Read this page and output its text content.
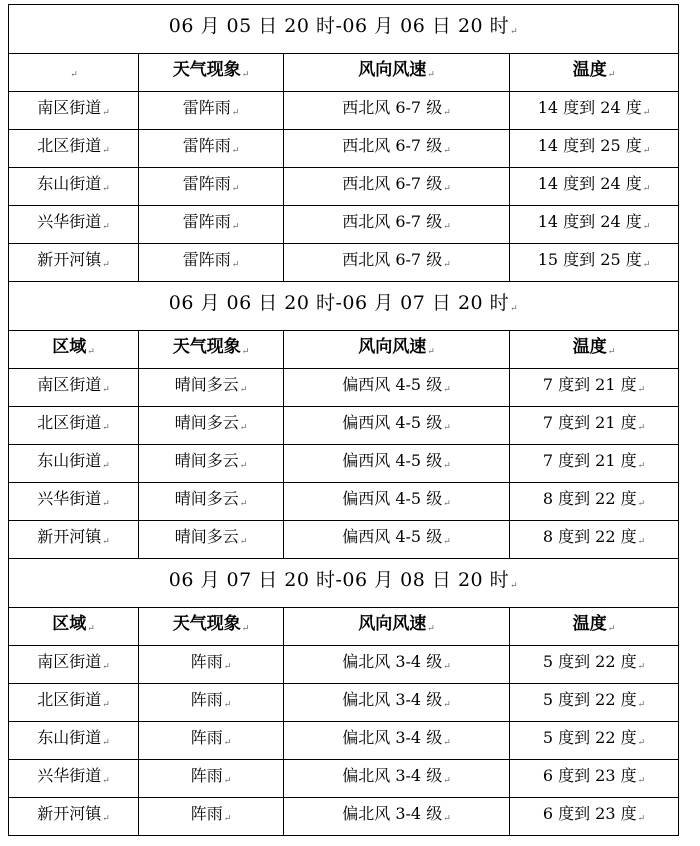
06 月 05 日 20 时-06 月 06 日 20 时↵			
↵	天气现象↵	风向风速↵	温度↵
南区街道↵	雷阵雨↵	西北风 6-7 级↵	14 度到 24 度↵
北区街道↵	雷阵雨↵	西北风 6-7 级↵	14 度到 25 度↵
东山街道↵	雷阵雨↵	西北风 6-7 级↵	14 度到 24 度↵
兴华街道↵	雷阵雨↵	西北风 6-7 级↵	14 度到 24 度↵
新开河镇↵	雷阵雨↵	西北风 6-7 级↵	15 度到 25 度↵
06 月 06 日 20 时-06 月 07 日 20 时↵			
区域↵	天气现象↵	风向风速↵	温度↵
南区街道↵	晴间多云↵	偏西风 4-5 级↵	7 度到 21 度↵
北区街道↵	晴间多云↵	偏西风 4-5 级↵	7 度到 21 度↵
东山街道↵	晴间多云↵	偏西风 4-5 级↵	7 度到 21 度↵
兴华街道↵	晴间多云↵	偏西风 4-5 级↵	8 度到 22 度↵
新开河镇↵	晴间多云↵	偏西风 4-5 级↵	8 度到 22 度↵
06 月 07 日 20 时-06 月 08 日 20 时↵			
区域↵	天气现象↵	风向风速↵	温度↵
南区街道↵	阵雨↵	偏北风 3-4 级↵	5 度到 22 度↵
北区街道↵	阵雨↵	偏北风 3-4 级↵	5 度到 22 度↵
东山街道↵	阵雨↵	偏北风 3-4 级↵	5 度到 22 度↵
兴华街道↵	阵雨↵	偏北风 3-4 级↵	6 度到 23 度↵
新开河镇↵	阵雨↵	偏北风 3-4 级↵	6 度到 23 度↵
